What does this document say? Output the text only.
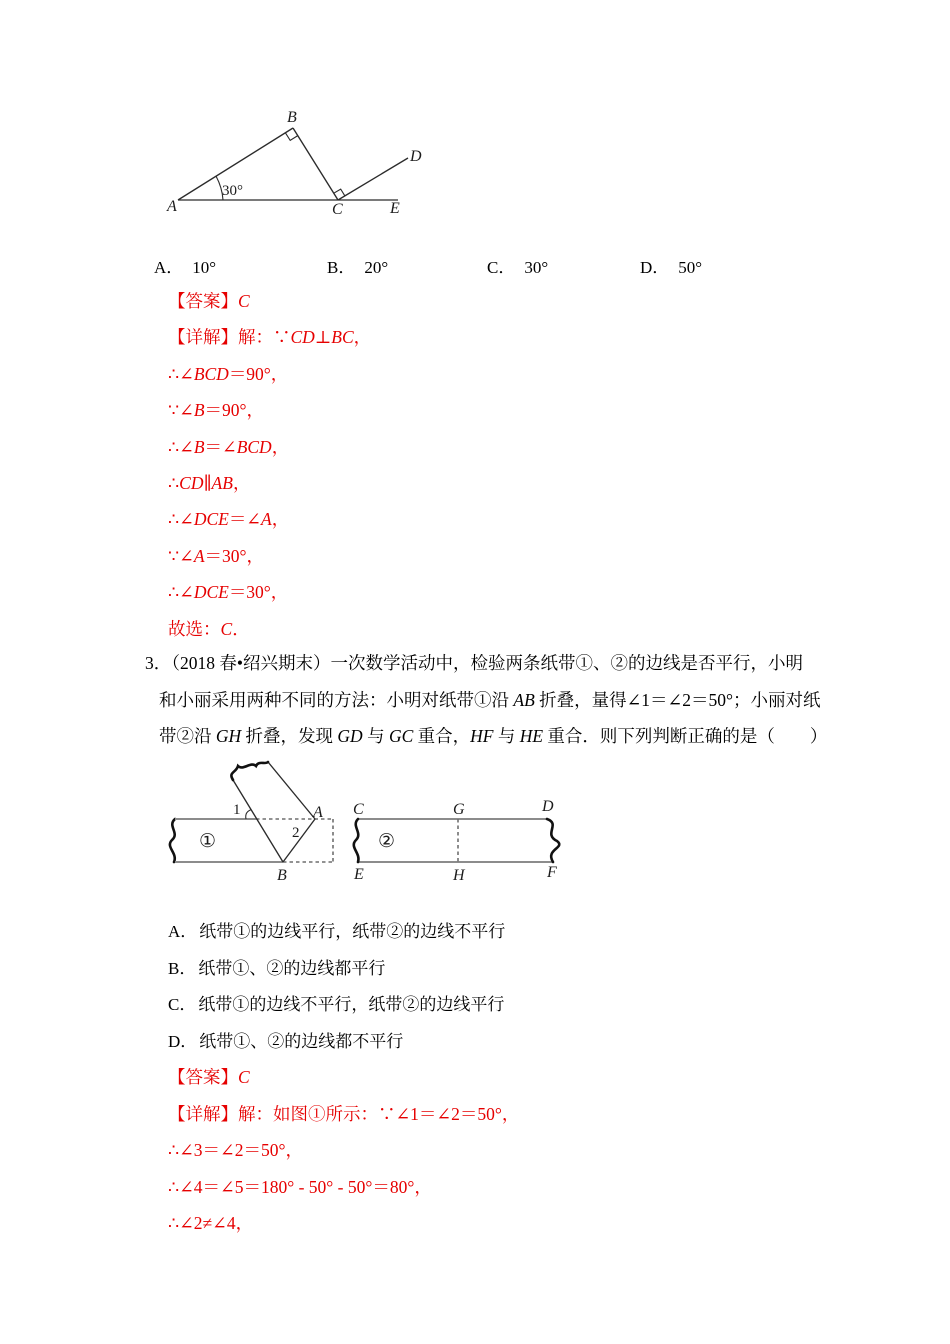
A
B
C
D
E
30°
A． 10°	B． 20°	C． 30°	D． 50°
【答案】C
【详解】解：∵CD⊥BC，
∴∠BCD＝90°，
∵∠B＝90°，
∴∠B＝∠BCD，
∴CD∥AB，
∴∠DCE＝∠A，
∵∠A＝30°，
∴∠DCE＝30°，
故选：C．
3．（2018 春•绍兴期末）一次数学活动中，检验两条纸带①、②的边线是否平行，小明
和小丽采用两种不同的方法：小明对纸带①沿 AB 折叠，量得∠1＝∠2＝50°；小丽对纸
带②沿 GH 折叠，发现 GD 与 GC 重合，HF 与 HE 重合．则下列判断正确的是（　　）
1
2
A
B
①
C	G	D
E	H	F
②
A． 纸带①的边线平行，纸带②的边线不平行
B． 纸带①、②的边线都平行
C． 纸带①的边线不平行，纸带②的边线平行
D． 纸带①、②的边线都不平行
【答案】C
【详解】解：如图①所示：∵∠1＝∠2＝50°，
∴∠3＝∠2＝50°，
∴∠4＝∠5＝180° - 50° - 50°＝80°，
∴∠2≠∠4，
